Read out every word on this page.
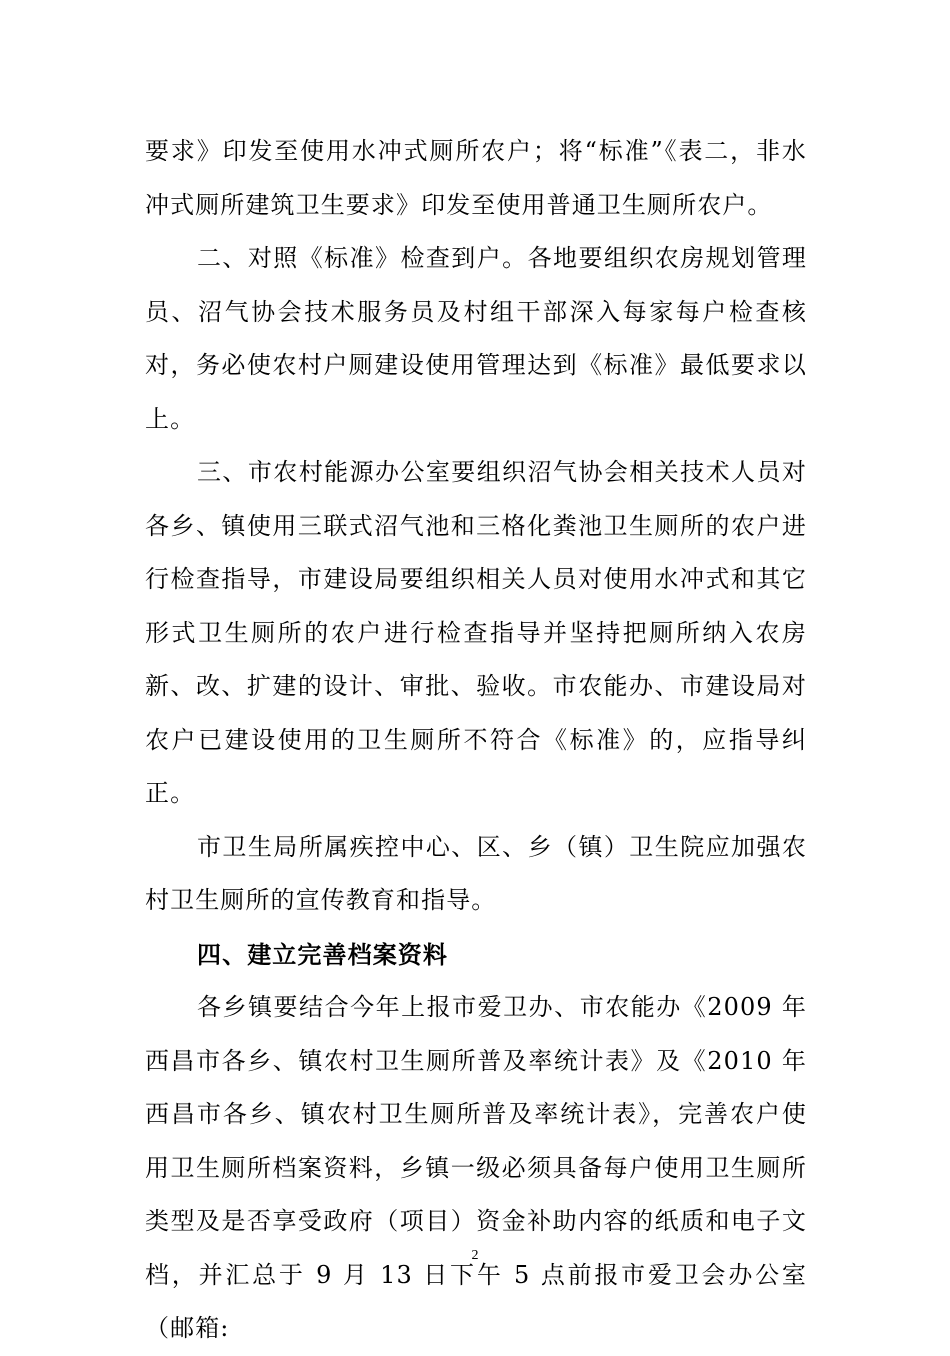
要求》印发至使用水冲式厕所农户；将“标准”《表二，非水冲式厕所建筑卫生要求》印发至使用普通卫生厕所农户。

二、对照《标准》检查到户。各地要组织农房规划管理员、沼气协会技术服务员及村组干部深入每家每户检查核对，务必使农村户厕建设使用管理达到《标准》最低要求以上。

三、市农村能源办公室要组织沼气协会相关技术人员对各乡、镇使用三联式沼气池和三格化粪池卫生厕所的农户进行检查指导，市建设局要组织相关人员对使用水冲式和其它形式卫生厕所的农户进行检查指导并坚持把厕所纳入农房新、改、扩建的设计、审批、验收。市农能办、市建设局对农户已建设使用的卫生厕所不符合《标准》的，应指导纠正。

市卫生局所属疾控中心、区、乡（镇）卫生院应加强农村卫生厕所的宣传教育和指导。

四、建立完善档案资料

各乡镇要结合今年上报市爱卫办、市农能办《2009 年西昌市各乡、镇农村卫生厕所普及率统计表》及《2010 年西昌市各乡、镇农村卫生厕所普及率统计表》，完善农户使用卫生厕所档案资料，乡镇一级必须具备每户使用卫生厕所类型及是否享受政府（项目）资金补助内容的纸质和电子文档，并汇总于 9 月 13 日下午 5 点前报市爱卫会办公室（邮箱:

2
